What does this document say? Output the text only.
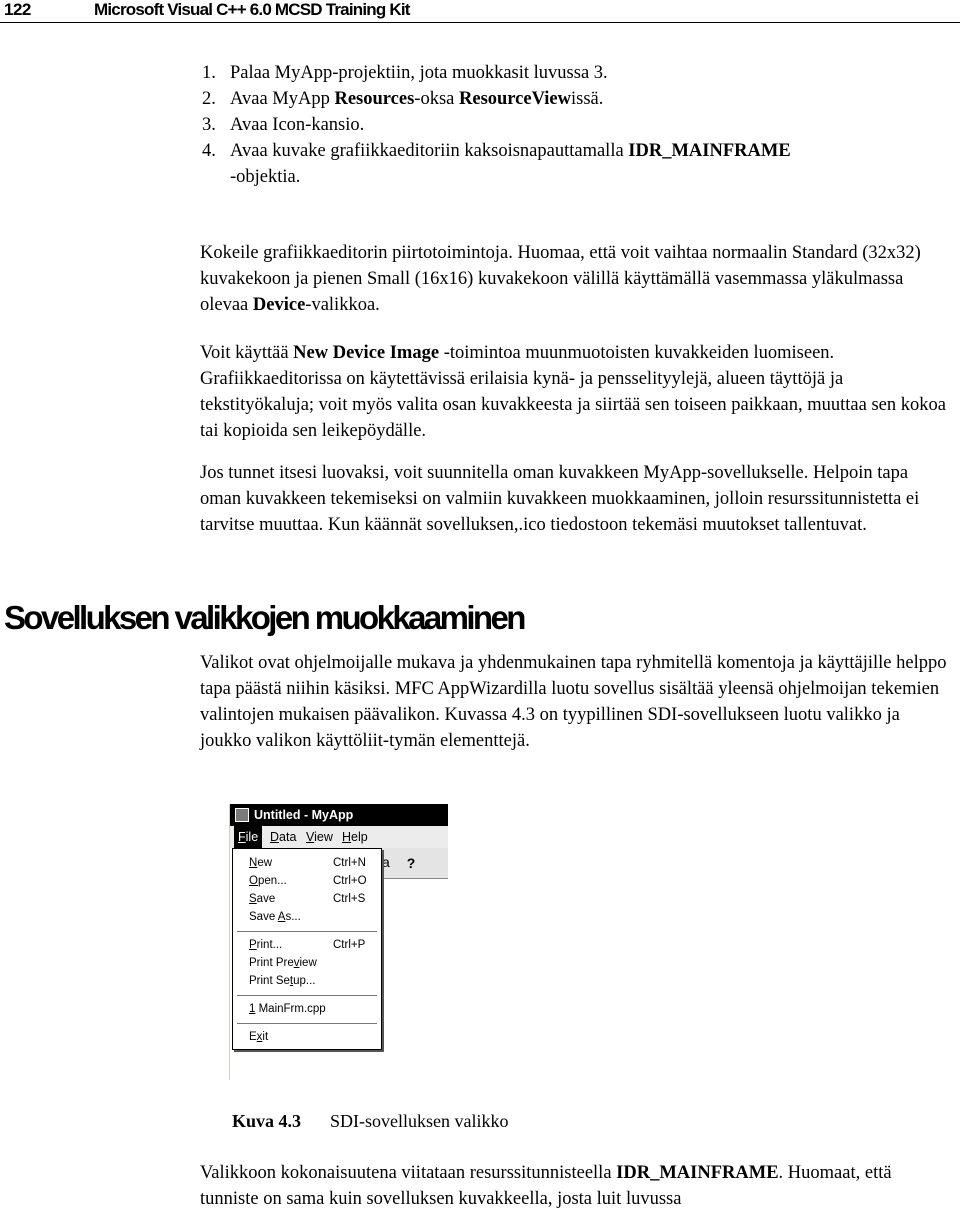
122	Microsoft Visual C++ 6.0 MCSD Training Kit
1. Palaa MyApp-projektiin, jota muokkasit luvussa 3.
2. Avaa MyApp Resources-oksa ResourceViewissä.
3. Avaa Icon-kansio.
4. Avaa kuvake grafiikkaeditoriin kaksoisnapauttamalla IDR_MAINFRAME
-objektia.

Kokeile grafiikkaeditorin piirtotoimintoja. Huomaa, että voit vaihtaa normaalin Standard (32x32) kuvakekoon ja pienen Small (16x16) kuvakekoon välillä käyttämällä vasemmassa yläkulmassa olevaa Device-valikkoa.

Voit käyttää New Device Image -toimintoa muunmuotoisten kuvakkeiden luomiseen. Grafiikkaeditorissa on käytettävissä erilaisia kynä- ja pensselityylejä, alueen täyttöjä ja tekstityökaluja; voit myös valita osan kuvakkeesta ja siirtää sen toiseen paikkaan, muuttaa sen kokoa tai kopioida sen leikepöydälle.

Jos tunnet itsesi luovaksi, voit suunnitella oman kuvakkeen MyApp-sovellukselle. Helpoin tapa oman kuvakkeen tekemiseksi on valmiin kuvakkeen muokkaaminen, jolloin resurssitunnistetta ei tarvitse muuttaa. Kun käännät sovelluksen,.ico tiedostoon tekemäsi muutokset tallentuvat.

Sovelluksen valikkojen muokkaaminen

Valikot ovat ohjelmoijalle mukava ja yhdenmukainen tapa ryhmitellä komentoja ja käyttäjille helppo tapa päästä niihin käsiksi. MFC AppWizardilla luotu sovellus sisältää yleensä ohjelmoijan tekemien valintojen mukaisen päävalikon. Kuvassa 4.3 on tyypillinen SDI-sovellukseen luotu valikko ja joukko valikon käyttöliit-tymän elementtejä.

Untitled - MyApp
File Data View Help
a	?
New	Ctrl+N
Open...	Ctrl+O
Save	Ctrl+S
Save As...
Print...	Ctrl+P
Print Preview
Print Setup...
1 MainFrm.cpp
Exit
Kuva 4.3 SDI-sovelluksen valikko

Valikkoon kokonaisuutena viitataan resurssitunnisteella IDR_MAINFRAME. Huomaat, että tunniste on sama kuin sovelluksen kuvakkeella, josta luit luvussa
